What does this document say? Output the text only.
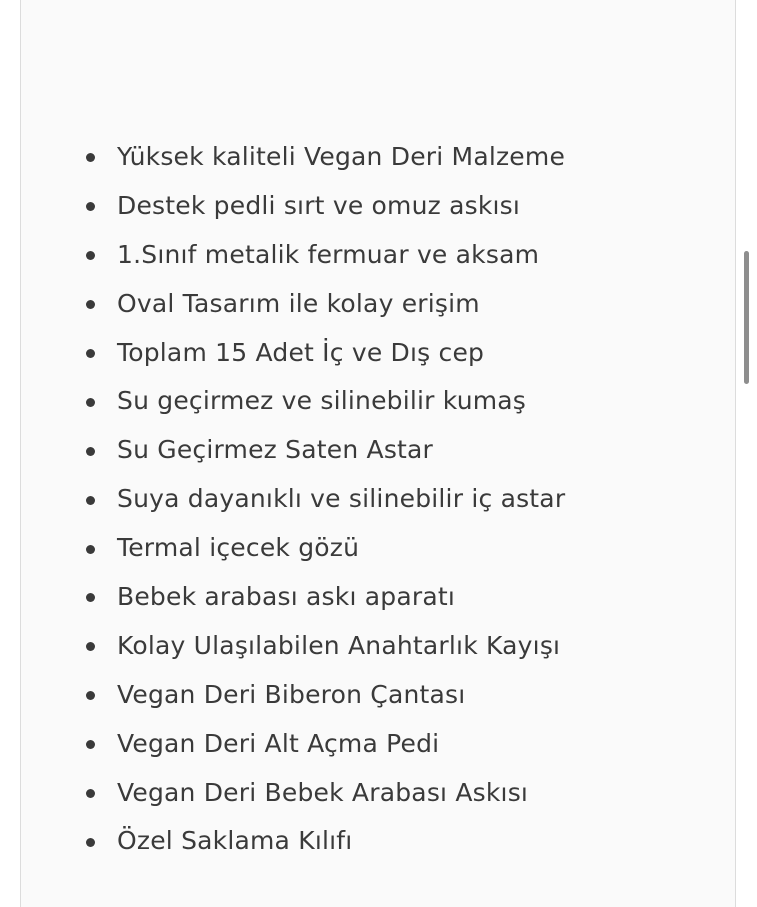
Yüksek kaliteli Vegan Deri Malzeme
Destek pedli sırt ve omuz askısı
1.Sınıf metalik fermuar ve aksam
Oval Tasarım ile kolay erişim
Toplam 15 Adet İç ve Dış cep
Su geçirmez ve silinebilir kumaş
Su Geçirmez Saten Astar
Suya dayanıklı ve silinebilir iç astar
Termal içecek gözü
Bebek arabası askı aparatı
Kolay Ulaşılabilen Anahtarlık Kayışı
Vegan Deri Biberon Çantası
Vegan Deri Alt Açma Pedi
Vegan Deri Bebek Arabası Askısı
Özel Saklama Kılıfı
